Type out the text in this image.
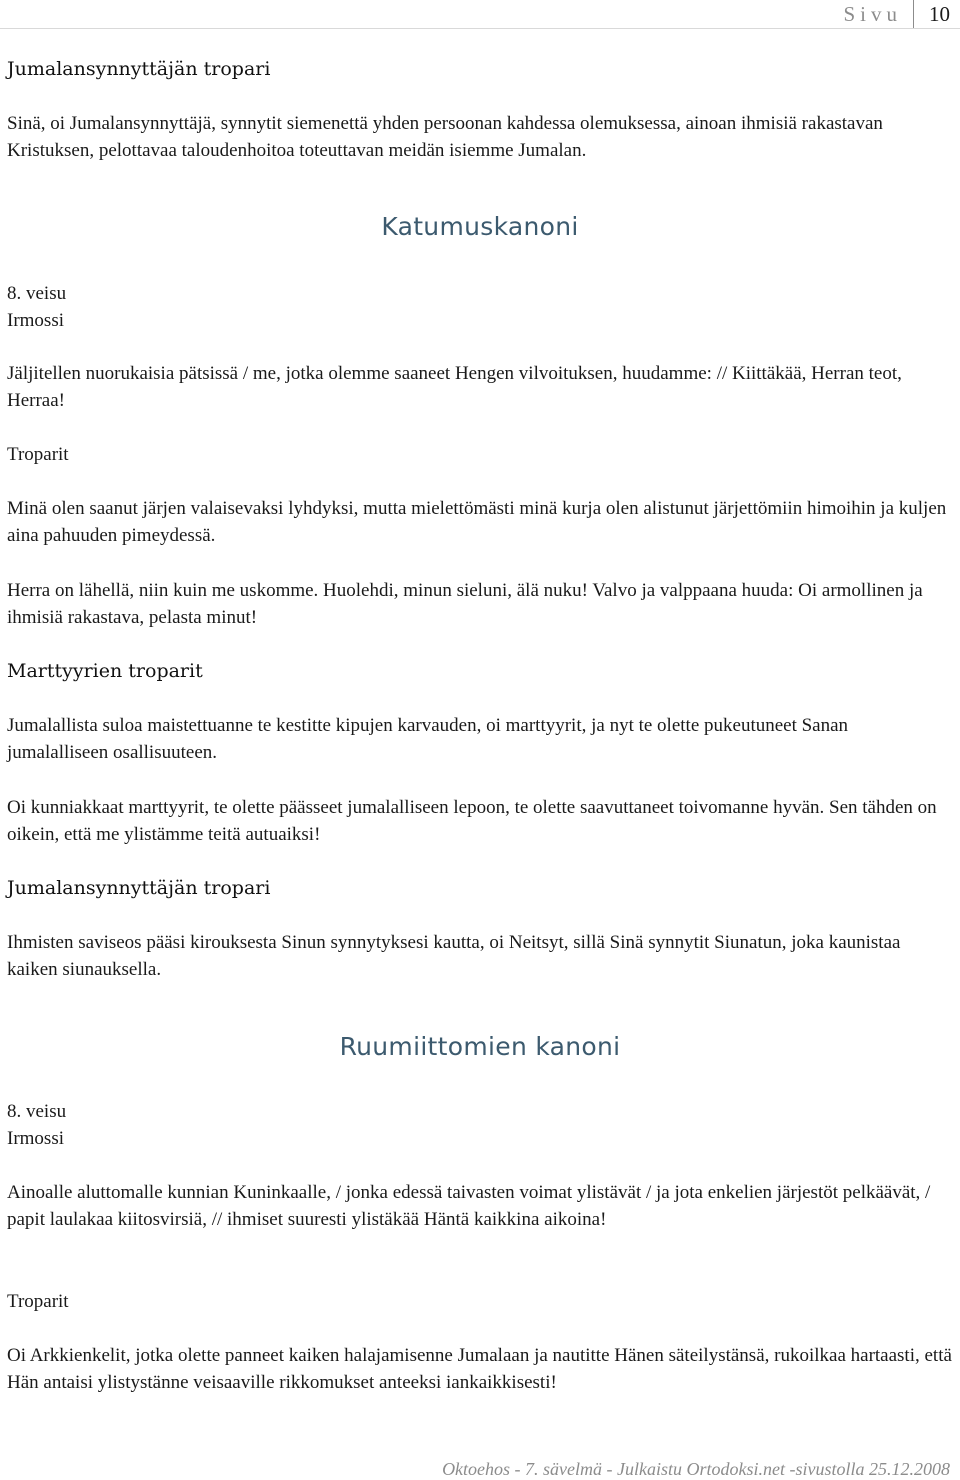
Sivu 10
Jumalansynnyttäjän tropari

Sinä, oi Jumalansynnyttäjä, synnytit siemenettä yhden persoonan kahdessa olemuksessa, ainoan ihmisiä rakastavan Kristuksen, pelottavaa taloudenhoitoa toteuttavan meidän isiemme Jumalan.

Katumuskanoni
8. veisu
Irmossi

Jäljitellen nuorukaisia pätsissä / me, jotka olemme saaneet Hengen vilvoituksen, huudamme: // Kiittäkää, Herran teot, Herraa!

Troparit

Minä olen saanut järjen valaisevaksi lyhdyksi, mutta mielettömästi minä kurja olen alistunut järjettömiin himoihin ja kuljen aina pahuuden pimeydessä.

Herra on lähellä, niin kuin me uskomme. Huolehdi, minun sieluni, älä nuku! Valvo ja valppaana huuda: Oi armollinen ja ihmisiä rakastava, pelasta minut!

Marttyyrien troparit

Jumalallista suloa maistettuanne te kestitte kipujen karvauden, oi marttyyrit, ja nyt te olette pukeutuneet Sanan jumalalliseen osallisuuteen.

Oi kunniakkaat marttyyrit, te olette päässeet jumalalliseen lepoon, te olette saavuttaneet toivomanne hyvän. Sen tähden on oikein, että me ylistämme teitä autuaiksi!

Jumalansynnyttäjän tropari

Ihmisten saviseos pääsi kirouksesta Sinun synnytyksesi kautta, oi Neitsyt, sillä Sinä synnytit Siunatun, joka kaunistaa kaiken siunauksella.

Ruumiittomien kanoni
8. veisu
Irmossi

Ainoalle aluttomalle kunnian Kuninkaalle, / jonka edessä taivasten voimat ylistävät / ja jota enkelien järjestöt pelkäävät, / papit laulakaa kiitosvirsiä, // ihmiset suuresti ylistäkää Häntä kaikkina aikoina!

Troparit

Oi Arkkienkelit, jotka olette panneet kaiken halajamisenne Jumalaan ja nautitte Hänen säteilystänsä, rukoilkaa hartaasti, että Hän antaisi ylistystänne veisaaville rikkomukset anteeksi iankaikkisesti!

Oktoehos - 7. sävelmä - Julkaistu Ortodoksi.net -sivustolla 25.12.2008
